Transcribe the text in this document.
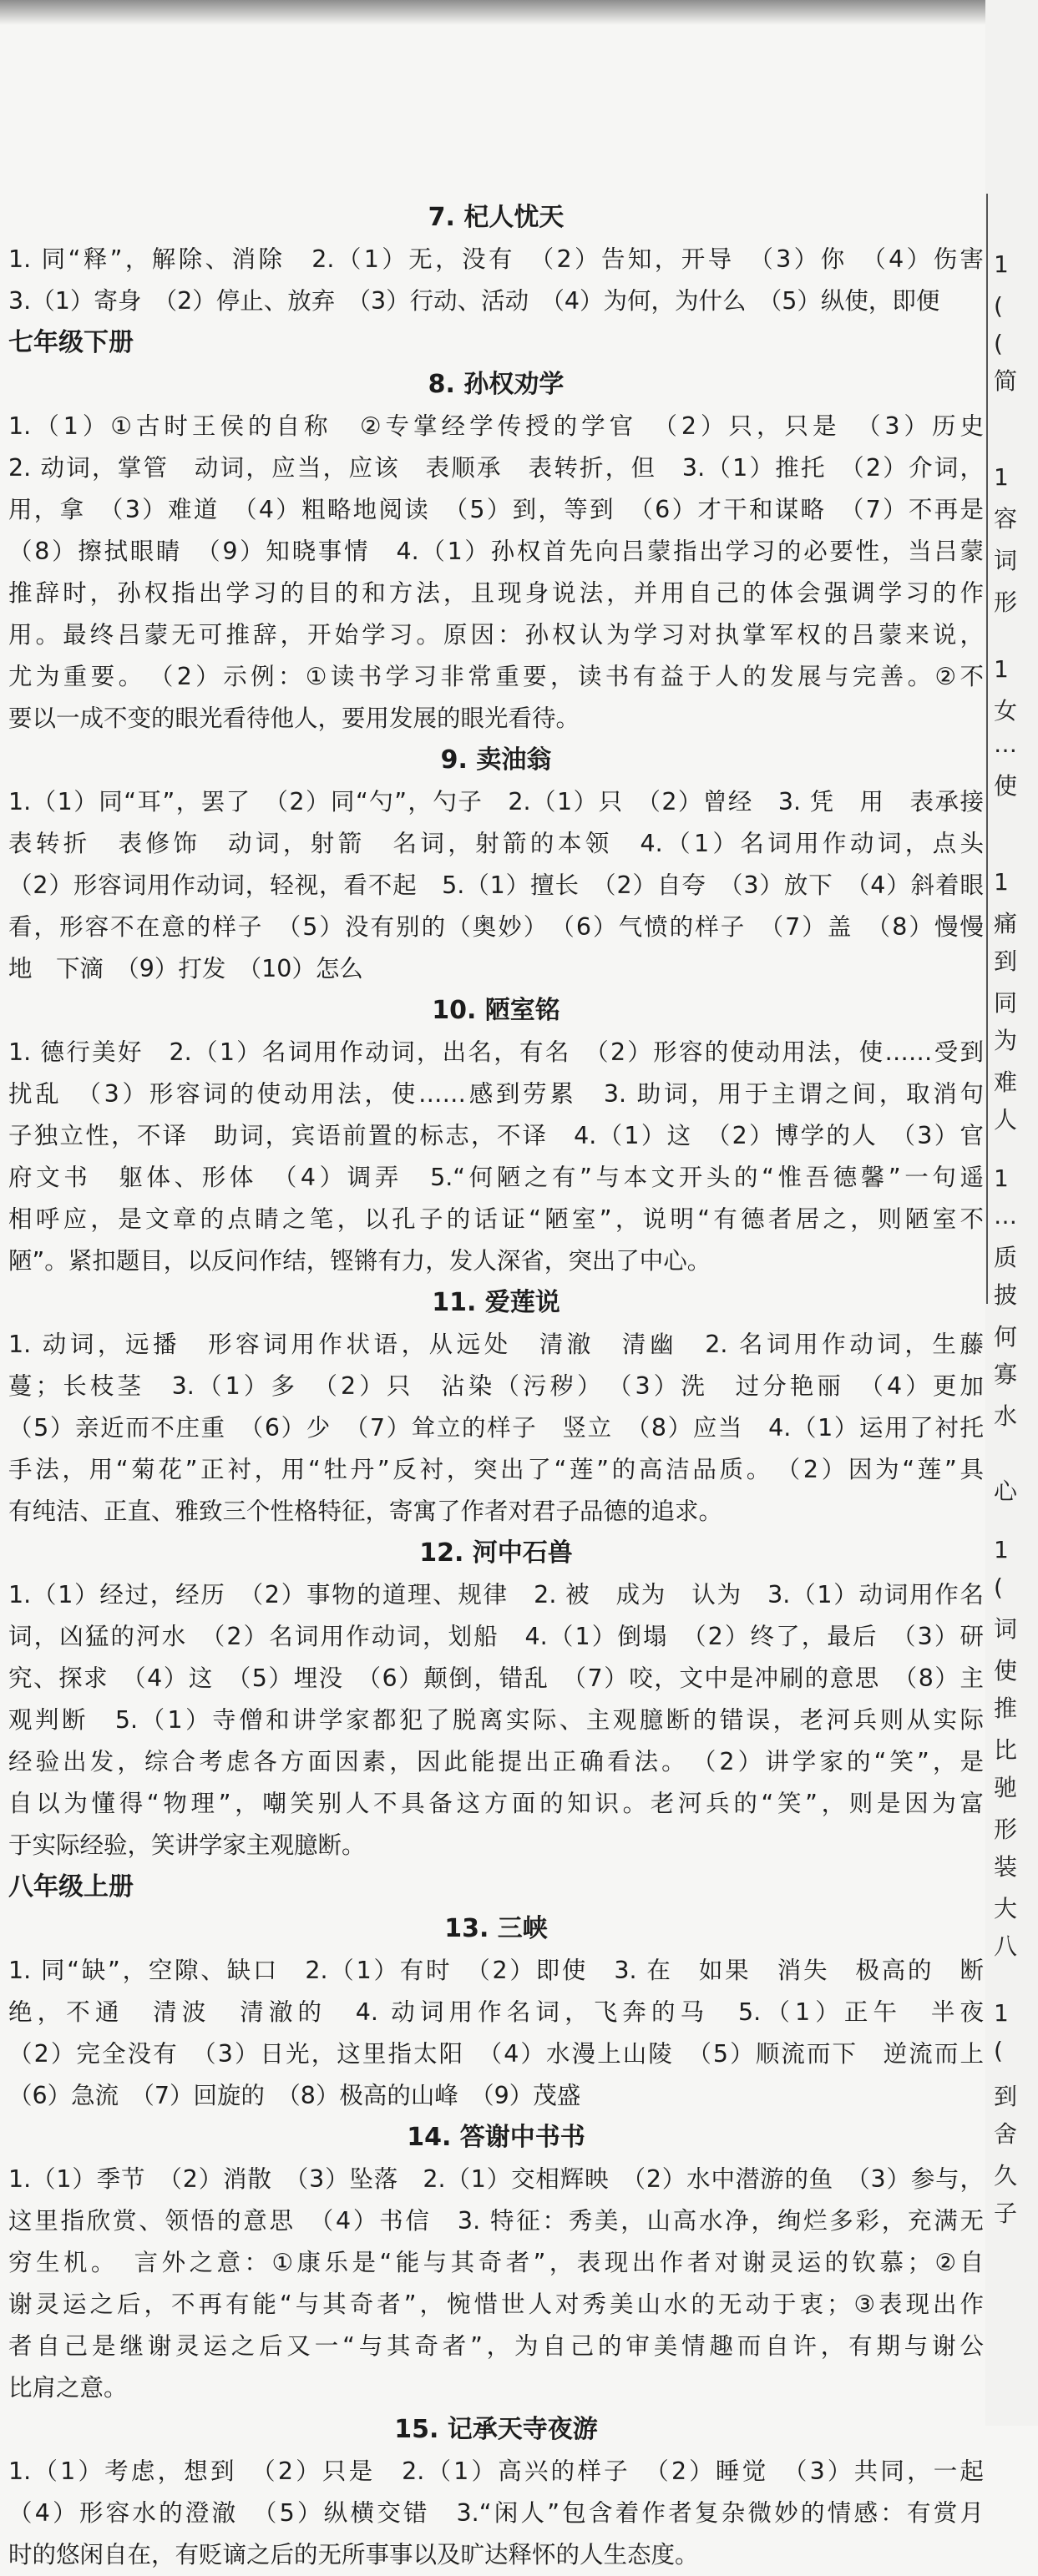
7. 杞人忧天
1. 同“释”，解除、消除　2.（1）无，没有　（2）告知，开导　（3）你　（4）伤害
3.（1）寄身　（2）停止、放弃　（3）行动、活动　（4）为何，为什么　（5）纵使，即便
七年级下册
8. 孙权劝学
1.（1）①古时王侯的自称　②专掌经学传授的学官　（2）只，只是　（3）历史
2. 动词，掌管　动词，应当，应该　表顺承　表转折，但　3.（1）推托　（2）介词，
用，拿　（3）难道　（4）粗略地阅读　（5）到，等到　（6）才干和谋略　（7）不再是
（8）擦拭眼睛　（9）知晓事情　4.（1）孙权首先向吕蒙指出学习的必要性，当吕蒙
推辞时，孙权指出学习的目的和方法，且现身说法，并用自己的体会强调学习的作
用。最终吕蒙无可推辞，开始学习。原因：孙权认为学习对执掌军权的吕蒙来说，
尤为重要。　（2）示例：①读书学习非常重要，读书有益于人的发展与完善。②不
要以一成不变的眼光看待他人，要用发展的眼光看待。
9. 卖油翁
1.（1）同“耳”，罢了　（2）同“勺”，勺子　2.（1）只　（2）曾经　3. 凭　用　表承接
表转折　表修饰　动词，射箭　名词，射箭的本领　4.（1）名词用作动词，点头
（2）形容词用作动词，轻视，看不起　5.（1）擅长　（2）自夸　（3）放下　（4）斜着眼
看，形容不在意的样子　（5）没有别的（奥妙）　（6）气愤的样子　（7）盖　（8）慢慢
地　下滴　（9）打发　（10）怎么
10. 陋室铭
1. 德行美好　2.（1）名词用作动词，出名，有名　（2）形容的使动用法，使……受到
扰乱　（3）形容词的使动用法，使……感到劳累　3. 助词，用于主谓之间，取消句
子独立性，不译　助词，宾语前置的标志，不译　4.（1）这　（2）博学的人　（3）官
府文书　躯体、形体　（4）调弄　5.“何陋之有”与本文开头的“惟吾德馨”一句遥
相呼应，是文章的点睛之笔，以孔子的话证“陋室”，说明“有德者居之，则陋室不
陋”。紧扣题目，以反问作结，铿锵有力，发人深省，突出了中心。
11. 爱莲说
1. 动词，远播　形容词用作状语，从远处　清澈　清幽　2. 名词用作动词，生藤
蔓；长枝茎　3.（1）多　（2）只　沾染（污秽）　（3）洗　过分艳丽　（4）更加
（5）亲近而不庄重　（6）少　（7）耸立的样子　竖立　（8）应当　4.（1）运用了衬托
手法，用“菊花”正衬，用“牡丹”反衬，突出了“莲”的高洁品质。　（2）因为“莲”具
有纯洁、正直、雅致三个性格特征，寄寓了作者对君子品德的追求。
12. 河中石兽
1.（1）经过，经历　（2）事物的道理、规律　2. 被　成为　认为　3.（1）动词用作名
词，凶猛的河水　（2）名词用作动词，划船　4.（1）倒塌　（2）终了，最后　（3）研
究、探求　（4）这　（5）埋没　（6）颠倒，错乱　（7）咬，文中是冲刷的意思　（8）主
观判断　5.（1）寺僧和讲学家都犯了脱离实际、主观臆断的错误，老河兵则从实际
经验出发，综合考虑各方面因素，因此能提出正确看法。　（2）讲学家的“笑”，是
自以为懂得“物理”，嘲笑别人不具备这方面的知识。老河兵的“笑”，则是因为富
于实际经验，笑讲学家主观臆断。
八年级上册
13. 三峡
1. 同“缺”，空隙、缺口　2.（1）有时　（2）即使　3. 在　如果　消失　极高的　断
绝，不通　清波　清澈的　4. 动词用作名词，飞奔的马　5.（1）正午　半夜
（2）完全没有　（3）日光，这里指太阳　（4）水漫上山陵　（5）顺流而下　逆流而上
（6）急流　（7）回旋的　（8）极高的山峰　（9）茂盛
14. 答谢中书书
1.（1）季节　（2）消散　（3）坠落　2.（1）交相辉映　（2）水中潜游的鱼　（3）参与，
这里指欣赏、领悟的意思　（4）书信　3. 特征：秀美，山高水净，绚烂多彩，充满无
穷生机。　言外之意：①康乐是“能与其奇者”，表现出作者对谢灵运的钦慕；②自
谢灵运之后，不再有能“与其奇者”，惋惜世人对秀美山水的无动于衷；③表现出作
者自己是继谢灵运之后又一“与其奇者”，为自己的审美情趣而自许，有期与谢公
比肩之意。
15. 记承天寺夜游
1.（1）考虑，想到　（2）只是　2.（1）高兴的样子　（2）睡觉　（3）共同，一起
（4）形容水的澄澈　（5）纵横交错　3.“闲人”包含着作者复杂微妙的情感：有赏月
时的悠闲自在，有贬谪之后的无所事事以及旷达释怀的人生态度。
1
(
(
简
1
容
词
形
1
女
…
使
1
痛
到
同
为
难
人
1
…
质
披
何
寡
水
心
1
(
词
使
推
比
驰
形
装
大
八
1
(
到
舍
久
子
